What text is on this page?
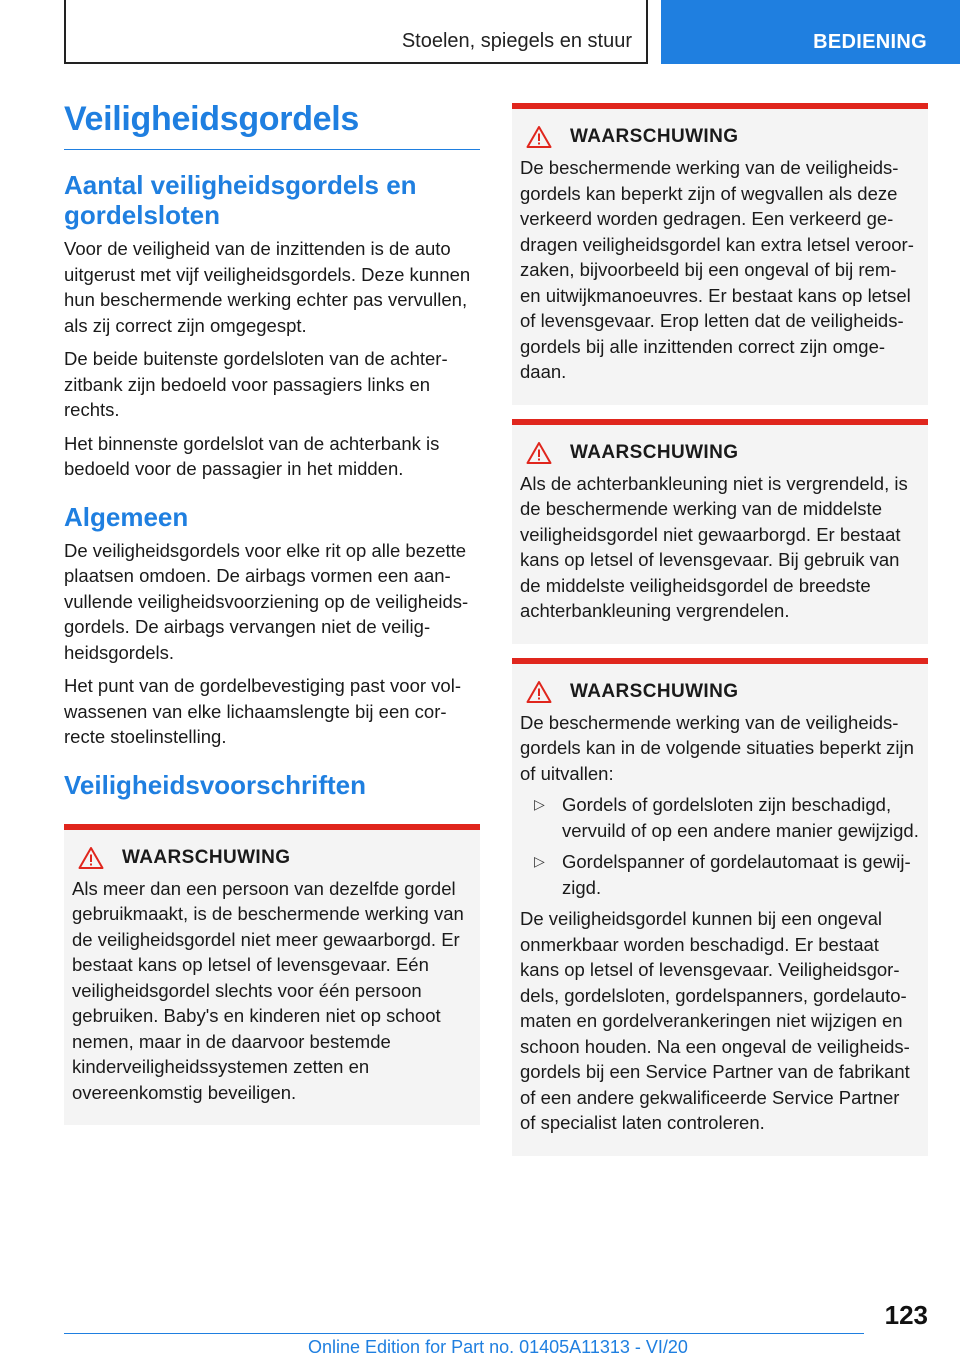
Stoelen, spiegels en stuur	BEDIENING
Veiligheidsgordels
Aantal veiligheidsgordels en gordelsloten

Voor de veiligheid van de inzittenden is de auto uitgerust met vijf veiligheidsgordels. Deze kunnen hun beschermende werking echter pas vervullen, als zij correct zijn omgegespt.

De beide buitenste gordelsloten van de achterzitbank zijn bedoeld voor passagiers links en rechts.

Het binnenste gordelslot van de achterbank is bedoeld voor de passagier in het midden.

Algemeen

De veiligheidsgordels voor elke rit op alle bezette plaatsen omdoen. De airbags vormen een aanvullende veiligheidsvoorziening op de veiligheidsgordels. De airbags vervangen niet de veiligheidsgordels.

Het punt van de gordelbevestiging past voor volwassenen van elke lichaamslengte bij een correcte stoelinstelling.

Veiligheidsvoorschriften
WAARSCHUWING

Als meer dan een persoon van dezelfde gordel gebruikmaakt, is de beschermende werking van de veiligheidsgordel niet meer gewaarborgd. Er bestaat kans op letsel of levensgevaar. Eén veiligheidsgordel slechts voor één persoon gebruiken. Baby's en kinderen niet op schoot nemen, maar in de daarvoor bestemde kinderveiligheidssystemen zetten en overeenkomstig beveiligen.

WAARSCHUWING

De beschermende werking van de veiligheidsgordels kan beperkt zijn of wegvallen als deze verkeerd worden gedragen. Een verkeerd gedragen veiligheidsgordel kan extra letsel veroorzaken, bijvoorbeeld bij een ongeval of bij rem- en uitwijkmanoeuvres. Er bestaat kans op letsel of levensgevaar. Erop letten dat de veiligheidsgordels bij alle inzittenden correct zijn omgedaan.

WAARSCHUWING

Als de achterbankleuning niet is vergrendeld, is de beschermende werking van de middelste veiligheidsgordel niet gewaarborgd. Er bestaat kans op letsel of levensgevaar. Bij gebruik van de middelste veiligheidsgordel de breedste achterbankleuning vergrendelen.

WAARSCHUWING

De beschermende werking van de veiligheidsgordels kan in de volgende situaties beperkt zijn of uitvallen:

▷ Gordels of gordelsloten zijn beschadigd, vervuild of op een andere manier gewijzigd.
▷ Gordelspanner of gordelautomaat is gewijzigd.

De veiligheidsgordel kunnen bij een ongeval onmerkbaar worden beschadigd. Er bestaat kans op letsel of levensgevaar. Veiligheidsgordels, gordelsloten, gordelspanners, gordelautomaten en gordelverankeringen niet wijzigen en schoon houden. Na een ongeval de veiligheidsgordels bij een Service Partner van de fabrikant of een andere gekwalificeerde Service Partner of specialist laten controleren.

123
Online Edition for Part no. 01405A11313 - VI/20
